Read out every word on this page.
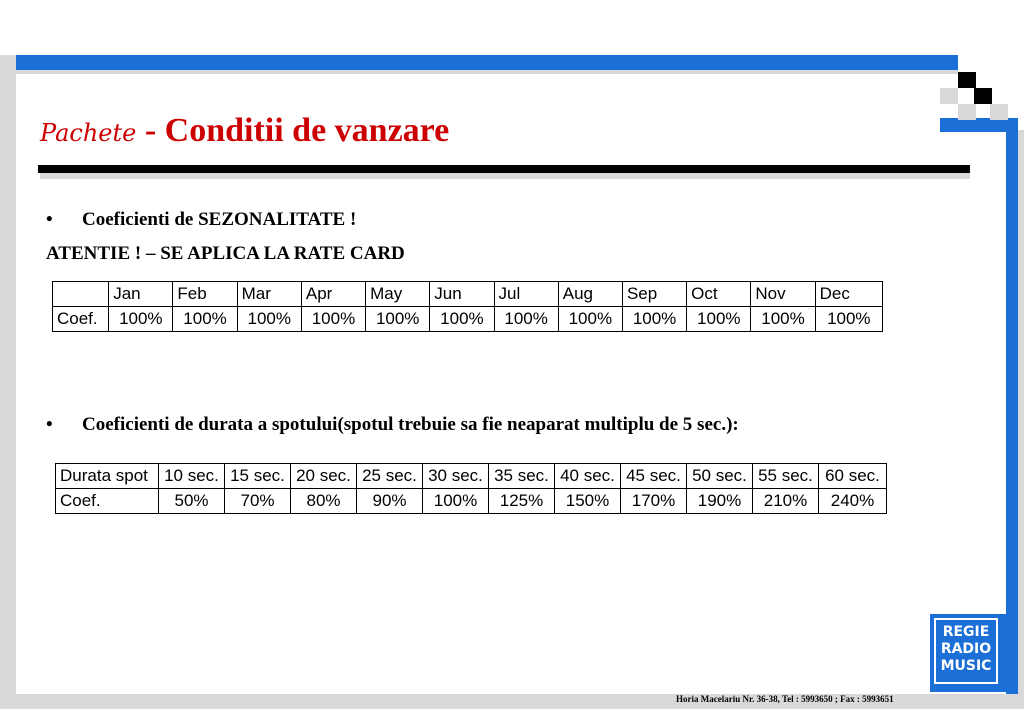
Pachete - Conditii de vanzare
• Coeficienti de SEZONALITATE !
ATENTIE ! – SE APLICA LA RATE CARD
	Jan	Feb	Mar	Apr	May	Jun	Jul	Aug	Sep	Oct	Nov	Dec
Coef.	100%	100%	100%	100%	100%	100%	100%	100%	100%	100%	100%	100%
• Coeficienti de durata a spotului(spotul trebuie sa fie neaparat multiplu de 5 sec.):
Durata spot	10 sec.	15 sec.	20 sec.	25 sec.	30 sec.	35 sec.	40 sec.	45 sec.	50 sec.	55 sec.	60 sec.
Coef.	50%	70%	80%	90%	100%	125%	150%	170%	190%	210%	240%
REGIE
RADIO
MUSIC
Horia Macelariu Nr. 36-38, Tel : 5993650 ; Fax : 5993651
